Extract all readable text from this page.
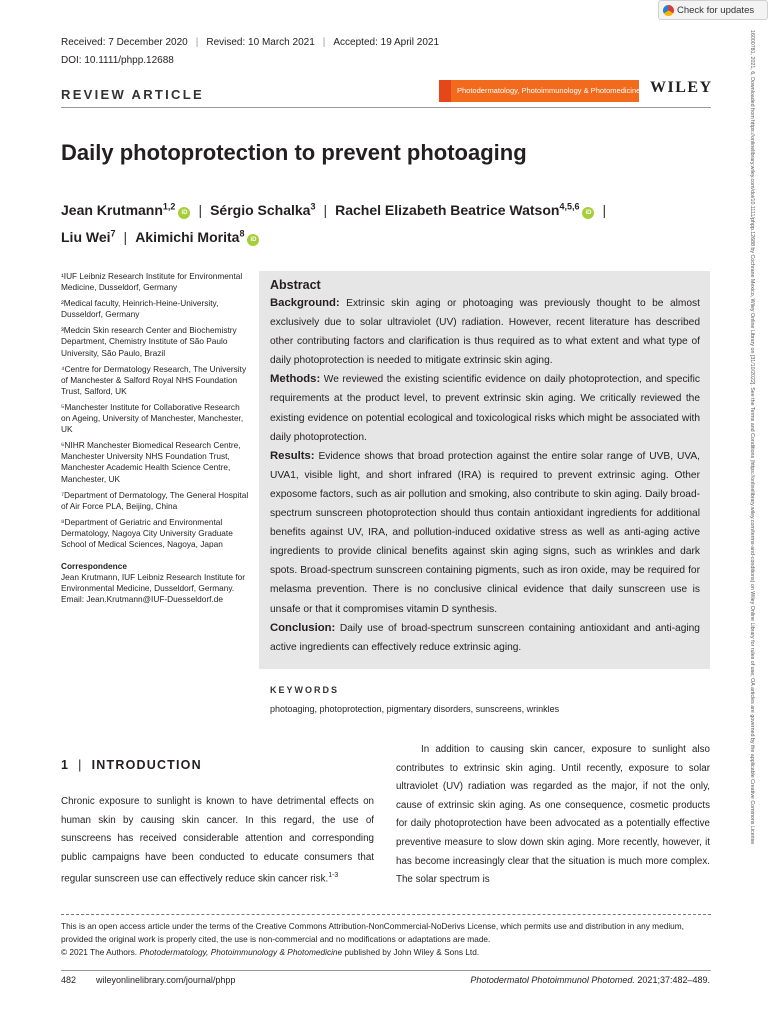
Check for updates
Received: 7 December 2020 | Revised: 10 March 2021 | Accepted: 19 April 2021
DOI: 10.1111/phpp.12688
REVIEW ARTICLE	Photodermatology, Photoimmunology & Photomedicine WILEY
Daily photoprotection to prevent photoaging
Jean Krutmann$^{1,2}$iD | Sérgio Schalka$^3$ | Rachel Elizabeth Beatrice Watson$^{4,5,6}$iD |
Liu Wei$^7$ | Akimichi Morita$^8$iD
¹IUF Leibniz Research Institute for Environmental Medicine, Dusseldorf, Germany
²Medical faculty, Heinrich-Heine-University, Dusseldorf, Germany
³Medcin Skin research Center and Biochemistry Department, Chemistry Institute of São Paulo University, São Paulo, Brazil
⁴Centre for Dermatology Research, The University of Manchester & Salford Royal NHS Foundation Trust, Salford, UK
⁵Manchester Institute for Collaborative Research on Ageing, University of Manchester, Manchester, UK
⁶NIHR Manchester Biomedical Research Centre, Manchester University NHS Foundation Trust, Manchester Academic Health Science Centre, Manchester, UK
⁷Department of Dermatology, The General Hospital of Air Force PLA, Beijing, China
⁸Department of Geriatric and Environmental Dermatology, Nagoya City University Graduate School of Medical Sciences, Nagoya, Japan
Correspondence
Jean Krutmann, IUF Leibniz Research Institute for Environmental Medicine, Dusseldorf, Germany.
Email: Jean.Krutmann@IUF-Duesseldorf.de
Abstract
Background: Extrinsic skin aging or photoaging was previously thought to be almost exclusively due to solar ultraviolet (UV) radiation. However, recent literature has described other contributing factors and clarification is thus required as to what extent and what type of daily photoprotection is needed to mitigate extrinsic skin aging.
Methods: We reviewed the existing scientific evidence on daily photoprotection, and specific requirements at the product level, to prevent extrinsic skin aging. We critically reviewed the existing evidence on potential ecological and toxicological risks which might be associated with daily photoprotection.
Results: Evidence shows that broad protection against the entire solar range of UVB, UVA, UVA1, visible light, and short infrared (IRA) is required to prevent extrinsic aging. Other exposome factors, such as air pollution and smoking, also contribute to skin aging. Daily broad-spectrum sunscreen photoprotection should thus contain antioxidant ingredients for additional benefits against UV, IRA, and pollution-induced oxidative stress as well as anti-aging active ingredients to provide clinical benefits against skin aging signs, such as wrinkles and dark spots. Broad-spectrum sunscreen containing pigments, such as iron oxide, may be required for melasma prevention. There is no conclusive clinical evidence that daily sunscreen use is unsafe or that it compromises vitamin D synthesis.
Conclusion: Daily use of broad-spectrum sunscreen containing antioxidant and anti-aging active ingredients can effectively reduce extrinsic aging.
KEYWORDS
photoaging, photoprotection, pigmentary disorders, sunscreens, wrinkles
1 | INTRODUCTION
Chronic exposure to sunlight is known to have detrimental effects on human skin by causing skin cancer. In this regard, the use of sunscreens has received considerable attention and corresponding public campaigns have been conducted to educate consumers that regular sunscreen use can effectively reduce skin cancer risk.$^{1-3}$
In addition to causing skin cancer, exposure to sunlight also contributes to extrinsic skin aging. Until recently, exposure to solar ultraviolet (UV) radiation was regarded as the major, if not the only, cause of extrinsic skin aging. As one consequence, cosmetic products for daily photoprotection have been advocated as a potentially effective preventive measure to slow down skin aging. More recently, however, it has become increasingly clear that the situation is much more complex. The solar spectrum is
This is an open access article under the terms of the Creative Commons Attribution-NonCommercial-NoDerivs License, which permits use and distribution in any medium, provided the original work is properly cited, the use is non-commercial and no modifications or adaptations are made.
© 2021 The Authors. Photodermatology, Photoimmunology & Photomedicine published by John Wiley & Sons Ltd.
482 wileyonlinelibrary.com/journal/phpp	Photodermatol Photoimmunol Photomed. 2021;37:482–489.
16000781, 2021, 6, Downloaded from https://onlinelibrary.wiley.com/doi/10.1111/phpp.12688 by Cochrane Mexico, Wiley Online Library on [31/10/2022]. See the Terms and Conditions (https://onlinelibrary.wiley.com/terms-and-conditions) on Wiley Online Library for rules of use; OA articles are governed by the applicable Creative Commons License
